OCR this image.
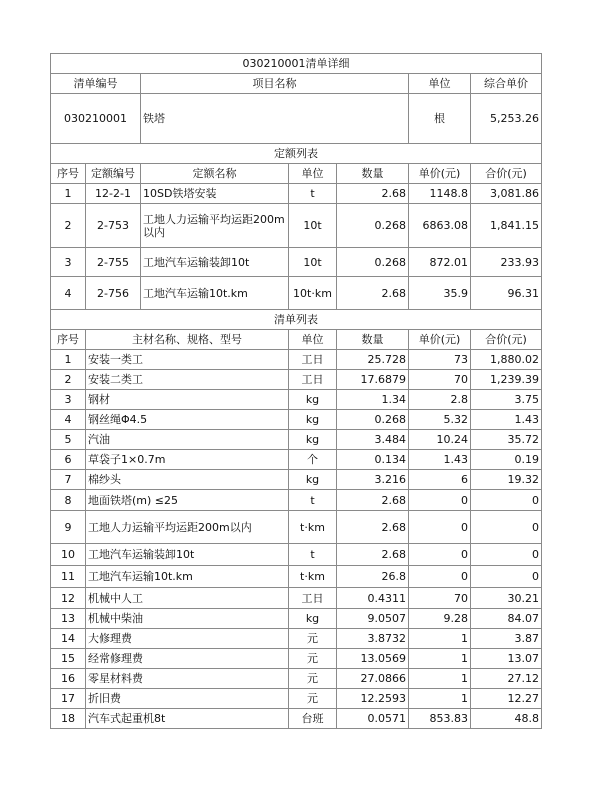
030210001清单详细						
清单编号		项目名称			单位	综合单价
030210001		铁塔			根	5,253.26
定额列表						
序号	定额编号	定额名称	单位	数量	单价(元)	合价(元)
1	12-2-1	10SD铁塔安装	t	2.68	1148.8	3,081.86
2	2-753	工地人力运输平均运距200m以内	10t	0.268	6863.08	1,841.15
3	2-755	工地汽车运输装卸10t	10t	0.268	872.01	233.93
4	2-756	工地汽车运输10t.km	10t·km	2.68	35.9	96.31
清单列表						
序号	主材名称、规格、型号		单位	数量	单价(元)	合价(元)
1	安装一类工		工日	25.728	73	1,880.02
2	安装二类工		工日	17.6879	70	1,239.39
3	钢材		kg	1.34	2.8	3.75
4	钢丝绳Φ4.5		kg	0.268	5.32	1.43
5	汽油		kg	3.484	10.24	35.72
6	草袋子1×0.7m		个	0.134	1.43	0.19
7	棉纱头		kg	3.216	6	19.32
8	地面铁塔(m) ≤25		t	2.68	0	0
9	工地人力运输平均运距200m以内		t·km	2.68	0	0
10	工地汽车运输装卸10t		t	2.68	0	0
11	工地汽车运输10t.km		t·km	26.8	0	0
12	机械中人工		工日	0.4311	70	30.21
13	机械中柴油		kg	9.0507	9.28	84.07
14	大修理费		元	3.8732	1	3.87
15	经常修理费		元	13.0569	1	13.07
16	零星材料费		元	27.0866	1	27.12
17	折旧费		元	12.2593	1	12.27
18	汽车式起重机8t		台班	0.0571	853.83	48.8
